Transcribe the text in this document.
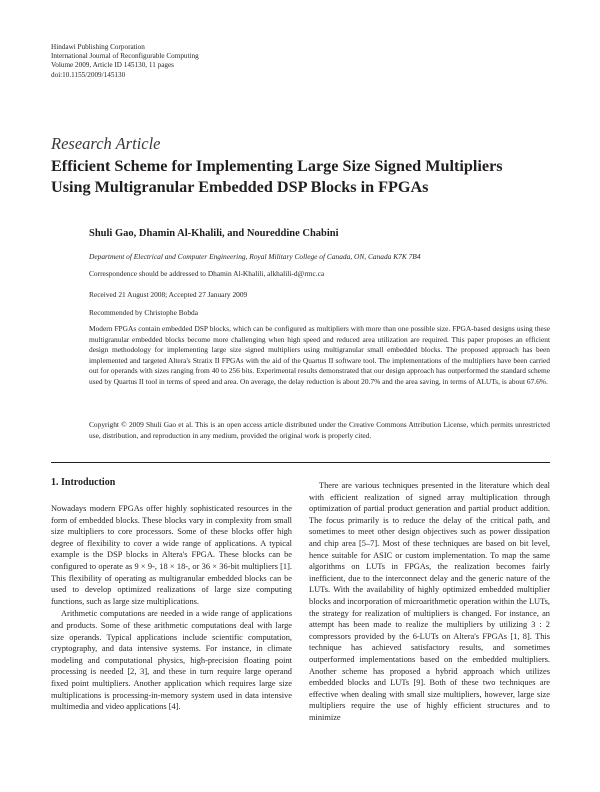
Hindawi Publishing Corporation
International Journal of Reconfigurable Computing
Volume 2009, Article ID 145130, 11 pages
doi:10.1155/2009/145130
Research Article
Efficient Scheme for Implementing Large Size Signed Multipliers
Using Multigranular Embedded DSP Blocks in FPGAs
Shuli Gao, Dhamin Al-Khalili, and Noureddine Chabini
Department of Electrical and Computer Engineering, Royal Military College of Canada, ON, Canada K7K 7B4
Correspondence should be addressed to Dhamin Al-Khalili, alkhalili-d@rmc.ca
Received 21 August 2008; Accepted 27 January 2009
Recommended by Christophe Bobda

Modern FPGAs contain embedded DSP blocks, which can be configured as multipliers with more than one possible size. FPGA-based designs using these multigranular embedded blocks become more challenging when high speed and reduced area utilization are required. This paper proposes an efficient design methodology for implementing large size signed multipliers using multigranular small embedded blocks. The proposed approach has been implemented and targeted Altera's Stratix II FPGAs with the aid of the Quartus II software tool. The implementations of the multipliers have been carried out for operands with sizes ranging from 40 to 256 bits. Experimental results demonstrated that our design approach has outperformed the standard scheme used by Quartus II tool in terms of speed and area. On average, the delay reduction is about 20.7% and the area saving, in terms of ALUTs, is about 67.6%.

Copyright © 2009 Shuli Gao et al. This is an open access article distributed under the Creative Commons Attribution License, which permits unrestricted use, distribution, and reproduction in any medium, provided the original work is properly cited.

1. Introduction

Nowadays modern FPGAs offer highly sophisticated resources in the form of embedded blocks. These blocks vary in complexity from small size multipliers to core processors. Some of these blocks offer high degree of flexibility to cover a wide range of applications. A typical example is the DSP blocks in Altera's FPGA. These blocks can be configured to operate as 9 × 9-, 18 × 18-, or 36 × 36-bit multipliers [1]. This flexibility of operating as multigranular embedded blocks can be used to develop optimized realizations of large size computing functions, such as large size multiplications.

Arithmetic computations are needed in a wide range of applications and products. Some of these arithmetic computations deal with large size operands. Typical applications include scientific computation, cryptography, and data intensive systems. For instance, in climate modeling and computational physics, high-precision floating point processing is needed [2, 3], and these in turn require large operand fixed point multipliers. Another application which requires large size multiplications is processing-in-memory system used in data intensive multimedia and video applications [4].

There are various techniques presented in the literature which deal with efficient realization of signed array multiplication through optimization of partial product generation and partial product addition. The focus primarily is to reduce the delay of the critical path, and sometimes to meet other design objectives such as power dissipation and chip area [5–7]. Most of these techniques are based on bit level, hence suitable for ASIC or custom implementation. To map the same algorithms on LUTs in FPGAs, the realization becomes fairly inefficient, due to the interconnect delay and the generic nature of the LUTs. With the availability of highly optimized embedded multiplier blocks and incorporation of microarithmetic operation within the LUTs, the strategy for realization of multipliers is changed. For instance, an attempt has been made to realize the multipliers by utilizing 3 : 2 compressors provided by the 6-LUTs on Altera's FPGAs [1, 8]. This technique has achieved satisfactory results, and sometimes outperformed implementations based on the embedded multipliers. Another scheme has proposed a hybrid approach which utilizes embedded blocks and LUTs [9]. Both of these two techniques are effective when dealing with small size multipliers, however, large size multipliers require the use of highly efficient structures and to minimize
